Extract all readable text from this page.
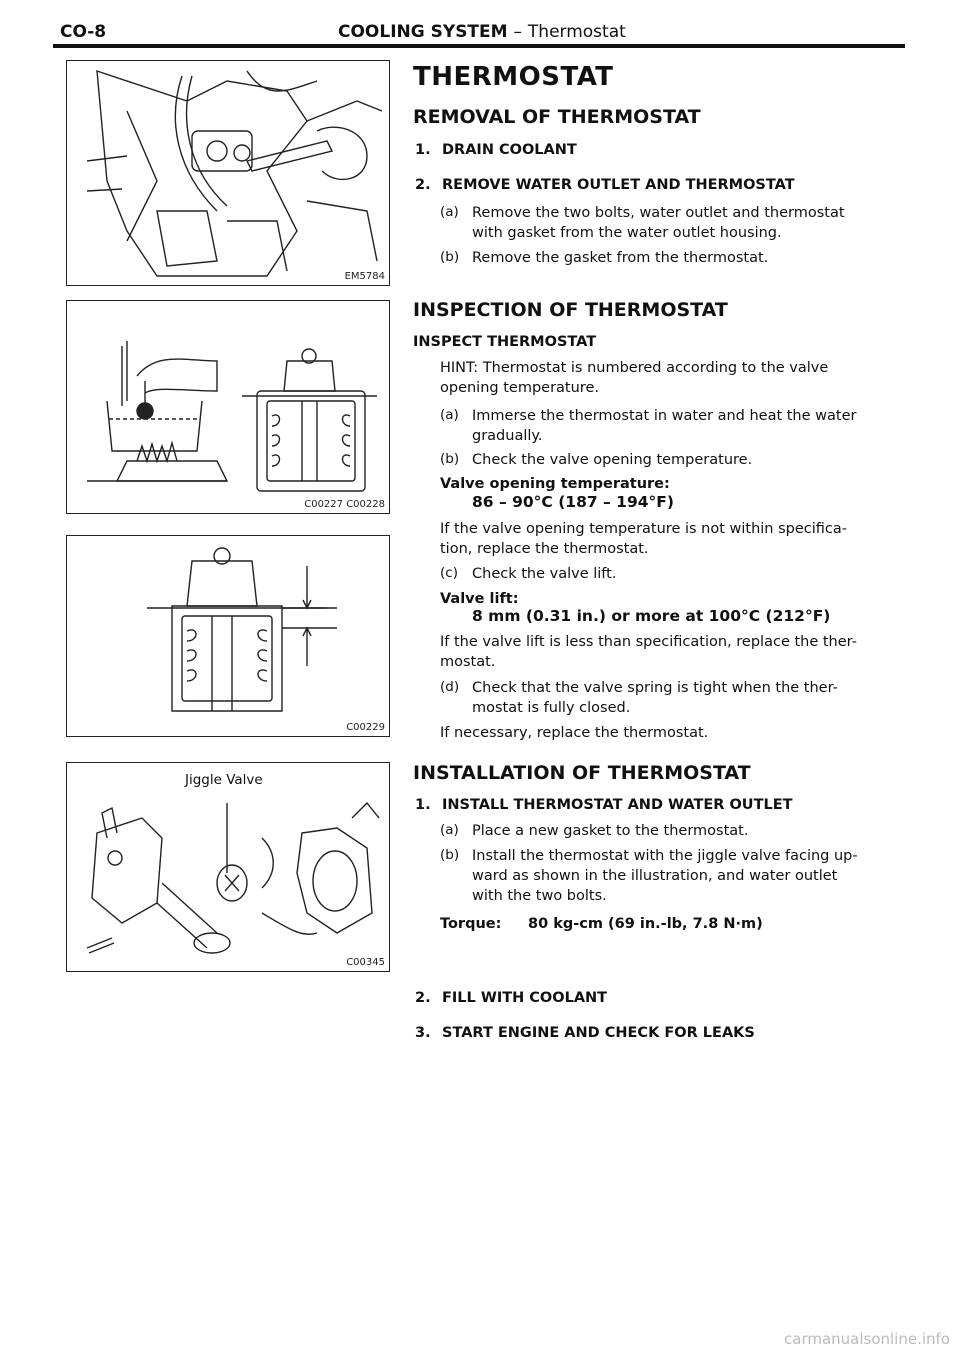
CO-8	COOLING SYSTEM – Thermostat
EM5784
C00227 C00228
C00229
Jiggle Valve
C00345
THERMOSTAT
REMOVAL OF THERMOSTAT
1. DRAIN COOLANT
2. REMOVE WATER OUTLET AND THERMOSTAT
(a) Remove the two bolts, water outlet and thermostat
with gasket from the water outlet housing.
(b) Remove the gasket from the thermostat.
INSPECTION OF THERMOSTAT
INSPECT THERMOSTAT
HINT: Thermostat is numbered according to the valve
opening temperature.
(a) Immerse the thermostat in water and heat the water
gradually.
(b) Check the valve opening temperature.
Valve opening temperature:
86 – 90°C (187 – 194°F)
If the valve opening temperature is not within specifica-
tion, replace the thermostat.
(c) Check the valve lift.
Valve lift:
8 mm (0.31 in.) or more at 100°C (212°F)
If the valve lift is less than specification, replace the ther-
mostat.
(d) Check that the valve spring is tight when the ther-
mostat is fully closed.
If necessary, replace the thermostat.
INSTALLATION OF THERMOSTAT
1. INSTALL THERMOSTAT AND WATER OUTLET
(a) Place a new gasket to the thermostat.
(b) Install the thermostat with the jiggle valve facing up-
ward as shown in the illustration, and water outlet
with the two bolts.
Torque: 80 kg-cm (69 in.-lb, 7.8 N·m)
2. FILL WITH COOLANT
3. START ENGINE AND CHECK FOR LEAKS
carmanualsonline.info
